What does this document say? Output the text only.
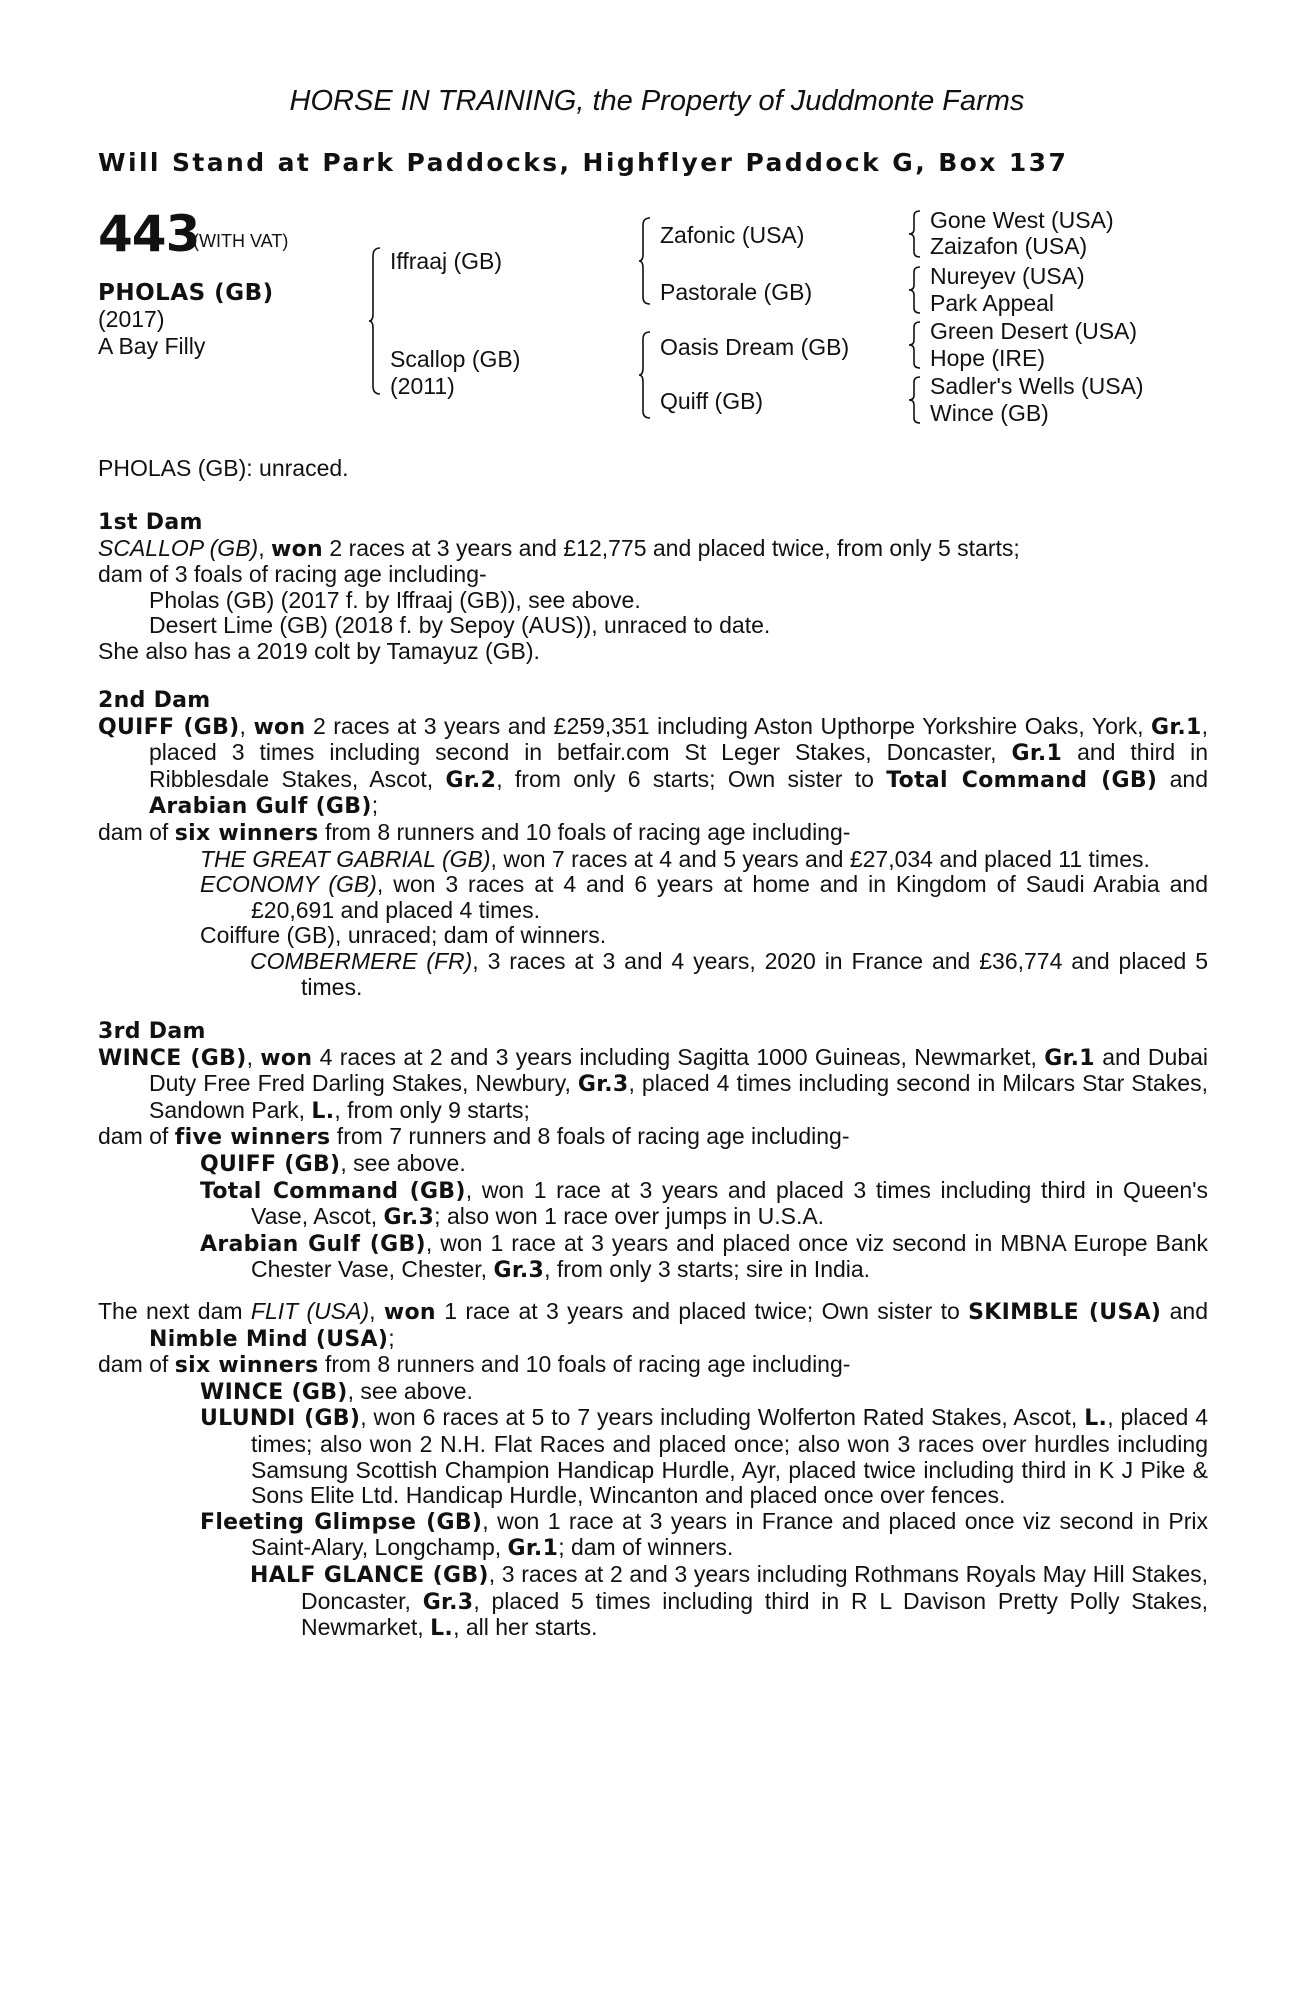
HORSE IN TRAINING, the Property of Juddmonte Farms
Will Stand at Park Paddocks, Highflyer Paddock G, Box 137
443
(WITH VAT)
PHOLAS (GB)
(2017)
A Bay Filly
Iffraaj (GB)
Scallop (GB)
(2011)
Zafonic (USA)
Pastorale (GB)
Oasis Dream (GB)
Quiff (GB)
Gone West (USA)
Zaizafon (USA)
Nureyev (USA)
Park Appeal
Green Desert (USA)
Hope (IRE)
Sadler's Wells (USA)
Wince (GB)

PHOLAS (GB): unraced.

1st Dam

SCALLOP (GB), won 2 races at 3 years and £12,775 and placed twice, from only 5 starts;

dam of 3 foals of racing age including-

Pholas (GB) (2017 f. by Iffraaj (GB)), see above.

Desert Lime (GB) (2018 f. by Sepoy (AUS)), unraced to date.

She also has a 2019 colt by Tamayuz (GB).

2nd Dam

QUIFF (GB), won 2 races at 3 years and £259,351 including Aston Upthorpe Yorkshire Oaks, York, Gr.1, placed 3 times including second in betfair.com St Leger Stakes, Doncaster, Gr.1 and third in Ribblesdale Stakes, Ascot, Gr.2, from only 6 starts; Own sister to Total Command (GB) and Arabian Gulf (GB);

dam of six winners from 8 runners and 10 foals of racing age including-

THE GREAT GABRIAL (GB), won 7 races at 4 and 5 years and £27,034 and placed 11 times.

ECONOMY (GB), won 3 races at 4 and 6 years at home and in Kingdom of Saudi Arabia and £20,691 and placed 4 times.

Coiffure (GB), unraced; dam of winners.

COMBERMERE (FR), 3 races at 3 and 4 years, 2020 in France and £36,774 and placed 5 times.

3rd Dam

WINCE (GB), won 4 races at 2 and 3 years including Sagitta 1000 Guineas, Newmarket, Gr.1 and Dubai Duty Free Fred Darling Stakes, Newbury, Gr.3, placed 4 times including second in Milcars Star Stakes, Sandown Park, L., from only 9 starts;

dam of five winners from 7 runners and 8 foals of racing age including-

QUIFF (GB), see above.

Total Command (GB), won 1 race at 3 years and placed 3 times including third in Queen's Vase, Ascot, Gr.3; also won 1 race over jumps in U.S.A.

Arabian Gulf (GB), won 1 race at 3 years and placed once viz second in MBNA Europe Bank Chester Vase, Chester, Gr.3, from only 3 starts; sire in India.

The next dam FLIT (USA), won 1 race at 3 years and placed twice; Own sister to SKIMBLE (USA) and Nimble Mind (USA);

dam of six winners from 8 runners and 10 foals of racing age including-

WINCE (GB), see above.

ULUNDI (GB), won 6 races at 5 to 7 years including Wolferton Rated Stakes, Ascot, L., placed 4 times; also won 2 N.H. Flat Races and placed once; also won 3 races over hurdles including Samsung Scottish Champion Handicap Hurdle, Ayr, placed twice including third in K J Pike & Sons Elite Ltd. Handicap Hurdle, Wincanton and placed once over fences.

Fleeting Glimpse (GB), won 1 race at 3 years in France and placed once viz second in Prix Saint-Alary, Longchamp, Gr.1; dam of winners.

HALF GLANCE (GB), 3 races at 2 and 3 years including Rothmans Royals May Hill Stakes, Doncaster, Gr.3, placed 5 times including third in R L Davison Pretty Polly Stakes, Newmarket, L., all her starts.
